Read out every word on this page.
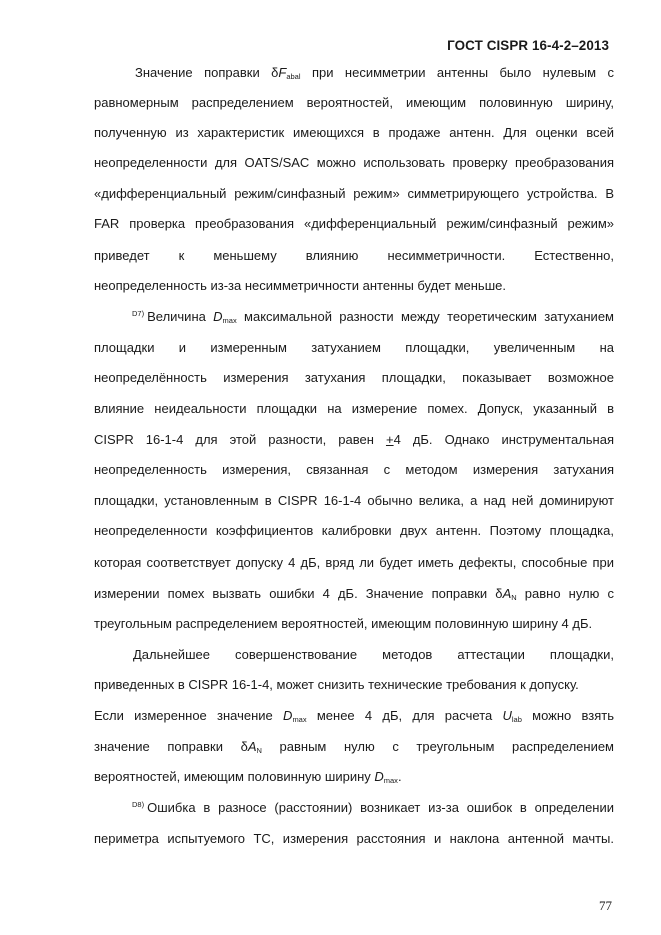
ГОСТ CISPR 16-4-2–2013
Значение поправки $\delta F_{abal}$ при несимметрии антенны было нулевым с
равномерным распределением вероятностей, имеющим половинную ширину,
полученную из характеристик имеющихся в продаже антенн. Для оценки всей
неопределенности для OATS/SAC можно использовать проверку преобразования
«дифференциальный режим/синфазный режим» симметрирующего устройства. В
FAR проверка преобразования «дифференциальный режим/синфазный режим»
приведет к меньшему влиянию несимметричности. Естественно,
неопределенность из-за несимметричности антенны будет меньше.
$^{D7)}$ Величина $D_{max}$ максимальной разности между теоретическим затуханием
площадки и измеренным затуханием площадки, увеличенным на
неопределённость измерения затухания площадки, показывает возможное
влияние неидеальности площадки на измерение помех. Допуск, указанный в
CISPR 16-1-4 для этой разности, равен +4 дБ. Однако инструментальная
неопределенность измерения, связанная с методом измерения затухания
площадки, установленным в CISPR 16-1-4 обычно велика, а над ней доминируют
неопределенности коэффициентов калибровки двух антенн. Поэтому площадка,
которая соответствует допуску 4 дБ, вряд ли будет иметь дефекты, способные при
измерении помех вызвать ошибки 4 дБ. Значение поправки $\delta A_N$ равно нулю с
треугольным распределением вероятностей, имеющим половинную ширину 4 дБ.
Дальнейшее совершенствование методов аттестации площадки,
приведенных в CISPR 16-1-4, может снизить технические требования к допуску.
Если измеренное значение $D_{max}$ менее 4 дБ, для расчета $U_{lab}$ можно взять
значение поправки $\delta A_N$ равным нулю с треугольным распределением
вероятностей, имеющим половинную ширину $D_{max}$.
$^{D8)}$ Ошибка в разносе (расстоянии) возникает из-за ошибок в определении
периметра испытуемого ТС, измерения расстояния и наклона антенной мачты.
77
